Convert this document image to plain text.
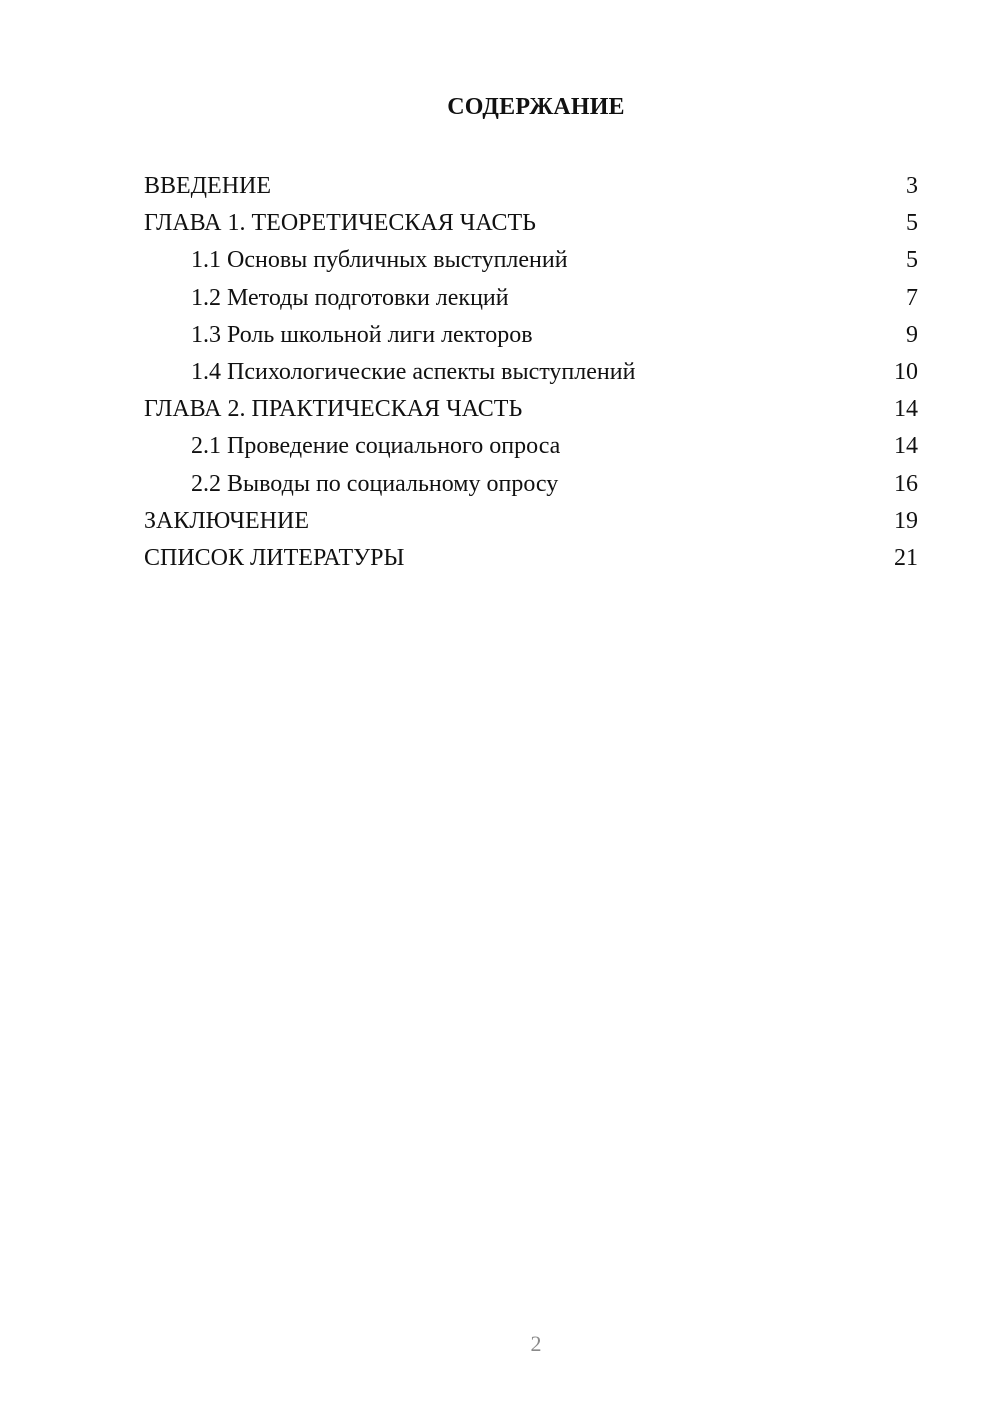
СОДЕРЖАНИЕ
ВВЕДЕНИЕ	3
ГЛАВА 1. ТЕОРЕТИЧЕСКАЯ ЧАСТЬ	5
1.1 Основы публичных выступлений	5
1.2 Методы подготовки лекций	7
1.3 Роль школьной лиги лекторов	9
1.4 Психологические аспекты выступлений	10
ГЛАВА 2. ПРАКТИЧЕСКАЯ ЧАСТЬ	14
2.1 Проведение социального опроса	14
2.2 Выводы по социальному опросу	16
ЗАКЛЮЧЕНИЕ	19
СПИСОК ЛИТЕРАТУРЫ	21
2
